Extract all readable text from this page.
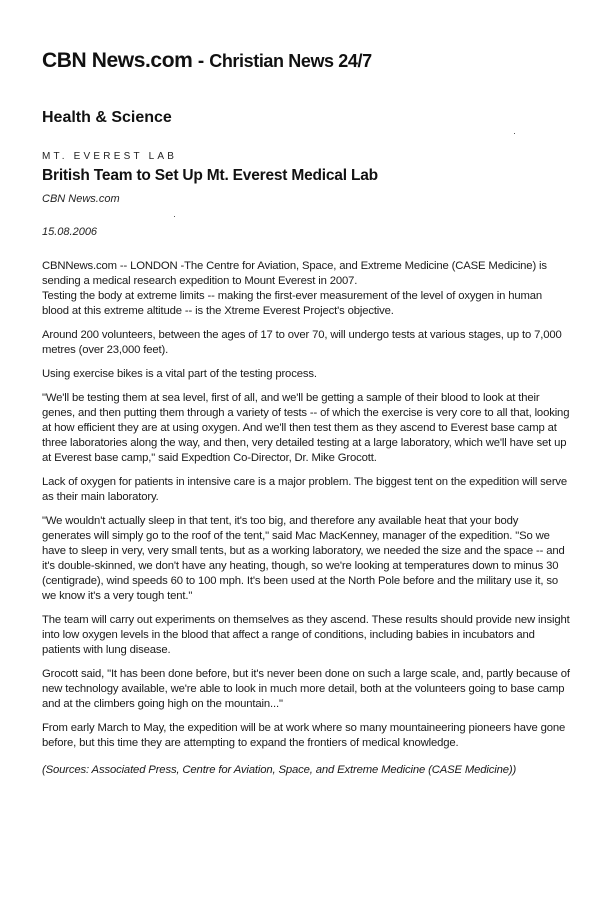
CBN News.com - Christian News 24/7
Health & Science
MT. EVEREST LAB
British Team to Set Up Mt. Everest Medical Lab
CBN News.com
15.08.2006

CBNNews.com -- LONDON -The Centre for Aviation, Space, and Extreme Medicine (CASE Medicine) is sending a medical research expedition to Mount Everest in 2007.

Testing the body at extreme limits -- making the first-ever measurement of the level of oxygen in human blood at this extreme altitude -- is the Xtreme Everest Project's objective.

Around 200 volunteers, between the ages of 17 to over 70, will undergo tests at various stages, up to 7,000 metres (over 23,000 feet).

Using exercise bikes is a vital part of the testing process.

"We'll be testing them at sea level, first of all, and we'll be getting a sample of their blood to look at their genes, and then putting them through a variety of tests -- of which the exercise is very core to all that, looking at how efficient they are at using oxygen. And we'll then test them as they ascend to Everest base camp at three laboratories along the way, and then, very detailed testing at a large laboratory, which we'll have set up at Everest base camp," said Expedtion Co-Director, Dr. Mike Grocott.

Lack of oxygen for patients in intensive care is a major problem. The biggest tent on the expedition will serve as their main laboratory.

"We wouldn't actually sleep in that tent, it's too big, and therefore any available heat that your body generates will simply go to the roof of the tent," said Mac MacKenney, manager of the expedition. "So we have to sleep in very, very small tents, but as a working laboratory, we needed the size and the space -- and it's double-skinned, we don't have any heating, though, so we're looking at temperatures down to minus 30 (centigrade), wind speeds 60 to 100 mph. It's been used at the North Pole before and the military use it, so we know it's a very tough tent."

The team will carry out experiments on themselves as they ascend. These results should provide new insight into low oxygen levels in the blood that affect a range of conditions, including babies in incubators and patients with lung disease.

Grocott said, "It has been done before, but it's never been done on such a large scale, and, partly because of new technology available, we're able to look in much more detail, both at the volunteers going to base camp and at the climbers going high on the mountain..."

From early March to May, the expedition will be at work where so many mountaineering pioneers have gone before, but this time they are attempting to expand the frontiers of medical knowledge.

(Sources: Associated Press, Centre for Aviation, Space, and Extreme Medicine (CASE Medicine))
